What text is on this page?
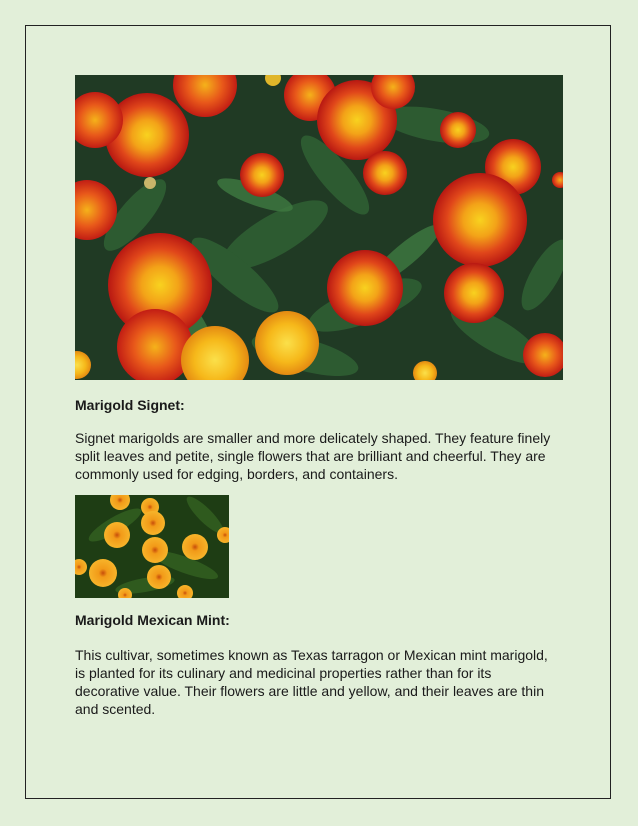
Marigold Signet:

Signet marigolds are smaller and more delicately shaped. They feature finely split leaves and petite, single flowers that are brilliant and cheerful. They are commonly used for edging, borders, and containers.

Marigold Mexican Mint:

This cultivar, sometimes known as Texas tarragon or Mexican mint marigold, is planted for its culinary and medicinal properties rather than for its decorative value. Their flowers are little and yellow, and their leaves are thin and scented.
